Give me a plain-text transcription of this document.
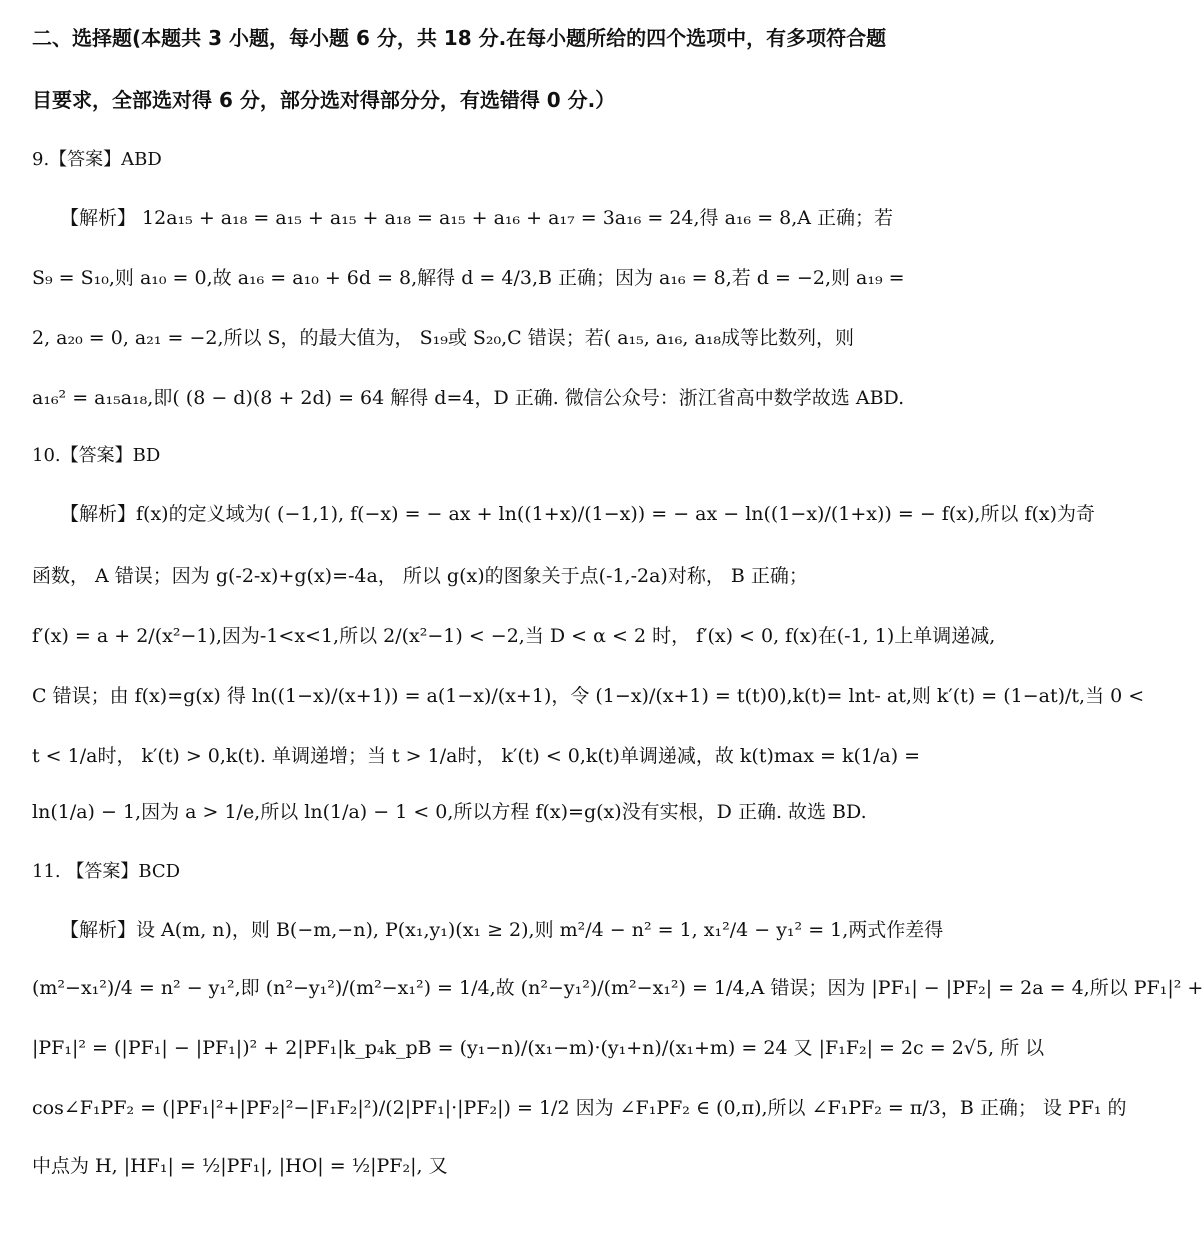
二、选择题(本题共 3 小题，每小题 6 分，共 18 分.在每小题所给的四个选项中，有多项符合题
目要求，全部选对得 6 分，部分选对得部分分，有选错得 0 分.）
9.【答案】ABD
【解析】 12a₁₅ + a₁₈ = a₁₅ + a₁₅ + a₁₈ = a₁₅ + a₁₆ + a₁₇ = 3a₁₆ = 24,得 a₁₆ = 8,A 正确；若
S₉ = S₁₀,则 a₁₀ = 0,故 a₁₆ = a₁₀ + 6d = 8,解得 d = 4/3,B 正确；因为 a₁₆ = 8,若 d = −2,则 a₁₉ =
2, a₂₀ = 0, a₂₁ = −2,所以 S，的最大值为， S₁₉或 S₂₀,C 错误；若( a₁₅, a₁₆, a₁₈成等比数列，则
a₁₆² = a₁₅a₁₈,即( (8 − d)(8 + 2d) = 64 解得 d=4，D 正确. 微信公众号：浙江省高中数学故选 ABD.
10.【答案】BD
【解析】f(x)的定义域为( (−1,1), f(−x) = − ax + ln((1+x)/(1−x)) = − ax − ln((1−x)/(1+x)) = − f(x),所以 f(x)为奇
函数， A 错误；因为 g(-2-x)+g(x)=-4a， 所以 g(x)的图象关于点(-1,-2a)对称， B 正确；
f′(x) = a + 2/(x²−1),因为-1<x<1,所以 2/(x²−1) < −2,当 D < α < 2 时， f′(x) < 0, f(x)在(-1, 1)上单调递减,
C 错误；由 f(x)=g(x) 得 ln((1−x)/(x+1)) = a(1−x)/(x+1)，令 (1−x)/(x+1) = t(t)0),k(t)= lnt- at,则 k′(t) = (1−at)/t,当 0 <
t < 1/a时， k′(t) > 0,k(t). 单调递增；当 t > 1/a时， k′(t) < 0,k(t)单调递减，故 k(t)max = k(1/a) =
ln(1/a) − 1,因为 a > 1/e,所以 ln(1/a) − 1 < 0,所以方程 f(x)=g(x)没有实根，D 正确. 故选 BD.
11. 【答案】BCD
【解析】设 A(m, n)，则 B(−m,−n), P(x₁,y₁)(x₁ ≥ 2),则 m²/4 − n² = 1, x₁²/4 − y₁² = 1,两式作差得
(m²−x₁²)/4 = n² − y₁²,即 (n²−y₁²)/(m²−x₁²) = 1/4,故 (n²−y₁²)/(m²−x₁²) = 1/4,A 错误；因为 |PF₁| − |PF₂| = 2a = 4,所以 PF₁|² +
|PF₁|² = (|PF₁| − |PF₁|)² + 2|PF₁|k_p₄k_pB = (y₁−n)/(x₁−m)·(y₁+n)/(x₁+m) = 24 又 |F₁F₂| = 2c = 2√5, 所 以
cos∠F₁PF₂ = (|PF₁|²+|PF₂|²−|F₁F₂|²)/(2|PF₁|·|PF₂|) = 1/2 因为 ∠F₁PF₂ ∈ (0,π),所以 ∠F₁PF₂ = π/3，B 正确； 设 PF₁ 的
中点为 H, |HF₁| = ½|PF₁|, |HO| = ½|PF₂|, 又
